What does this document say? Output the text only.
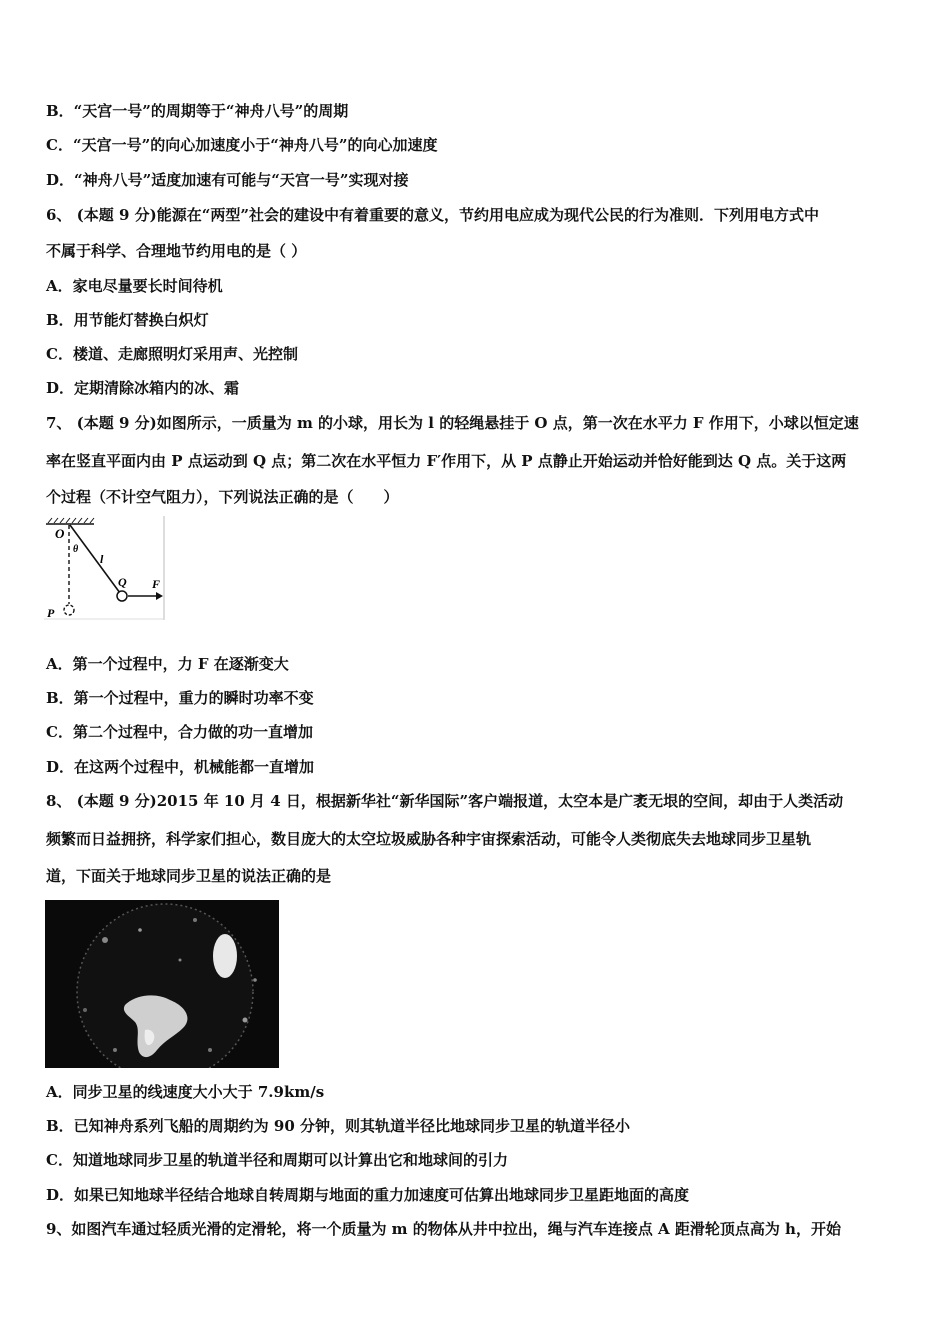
B．“天宫一号”的周期等于“神舟八号”的周期
C．“天宫一号”的向心加速度小于“神舟八号”的向心加速度
D．“神舟八号”适度加速有可能与“天宫一号”实现对接
6、 (本题 9 分)能源在“两型”社会的建设中有着重要的意义，节约用电应成为现代公民的行为准则．下列用电方式中
不属于科学、合理地节约用电的是（ ）
A．家电尽量要长时间待机
B．用节能灯替换白炽灯
C．楼道、走廊照明灯采用声、光控制
D．定期清除冰箱内的冰、霜
7、 (本题 9 分)如图所示，一质量为 m 的小球，用长为 l 的轻绳悬挂于 O 点，第一次在水平力 F 作用下，小球以恒定速
率在竖直平面内由 P 点运动到 Q 点；第二次在水平恒力 F′作用下，从 P 点静止开始运动并恰好能到达 Q 点。关于这两
个过程（不计空气阻力），下列说法正确的是（　　）
O
θ
l
Q F
P
A．第一个过程中，力 F 在逐渐变大
B．第一个过程中，重力的瞬时功率不变
C．第二个过程中，合力做的功一直增加
D．在这两个过程中，机械能都一直增加
8、 (本题 9 分)2015 年 10 月 4 日，根据新华社“新华国际”客户端报道，太空本是广袤无垠的空间，却由于人类活动
频繁而日益拥挤，科学家们担心，数目庞大的太空垃圾威胁各种宇宙探索活动，可能令人类彻底失去地球同步卫星轨
道，下面关于地球同步卫星的说法正确的是
A．同步卫星的线速度大小大于 7.9km/s
B．已知神舟系列飞船的周期约为 90 分钟，则其轨道半径比地球同步卫星的轨道半径小
C．知道地球同步卫星的轨道半径和周期可以计算出它和地球间的引力
D．如果已知地球半径结合地球自转周期与地面的重力加速度可估算出地球同步卫星距地面的高度
9、如图汽车通过轻质光滑的定滑轮，将一个质量为 m 的物体从井中拉出，绳与汽车连接点 A 距滑轮顶点高为 h，开始
